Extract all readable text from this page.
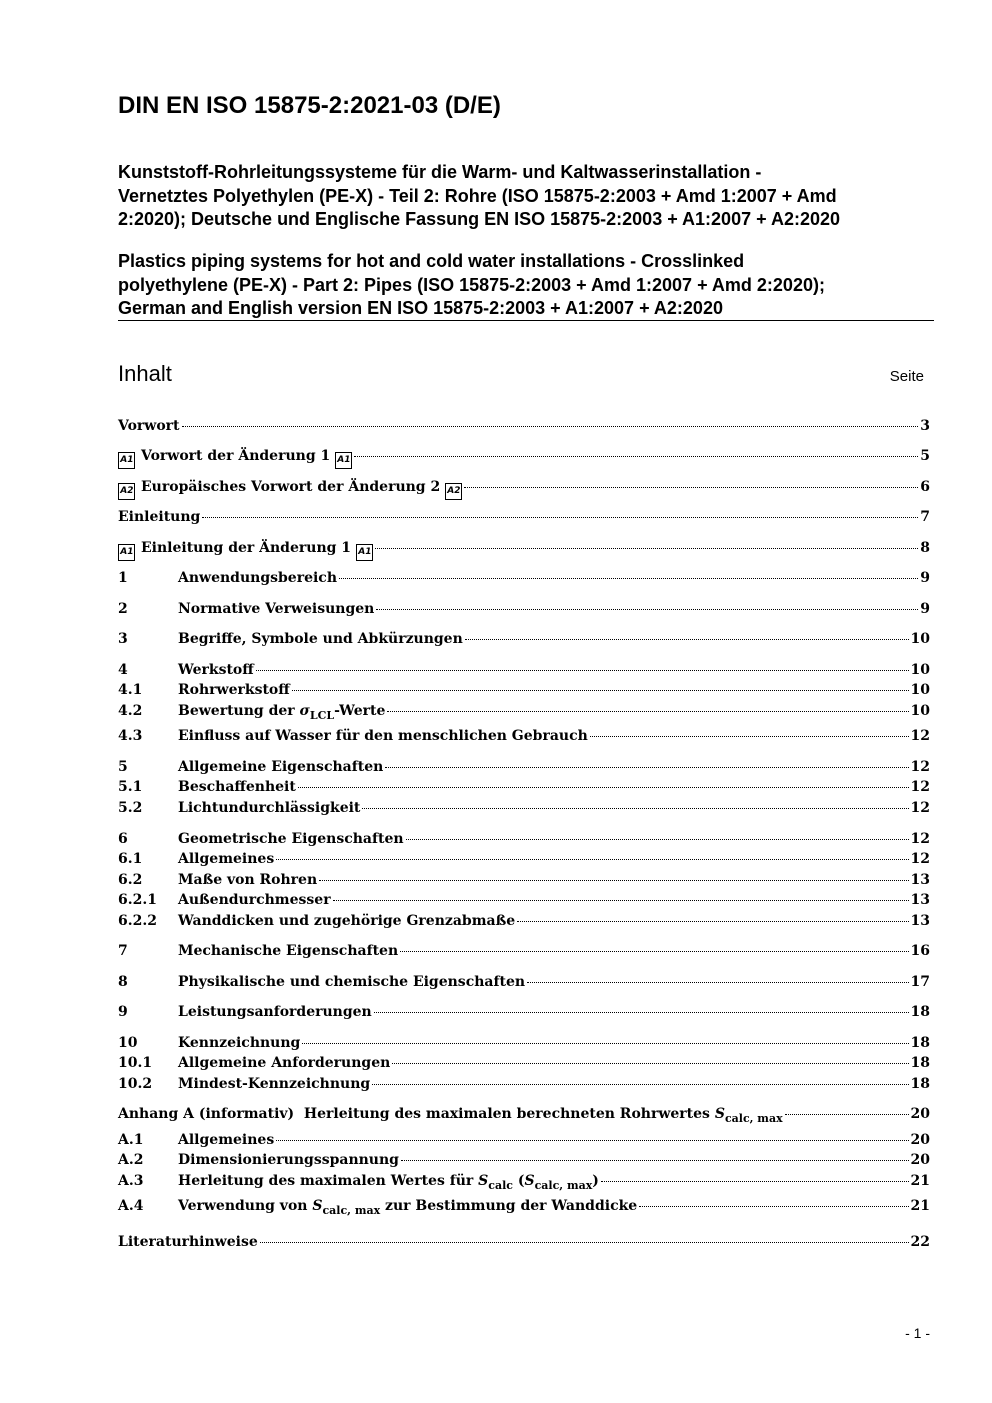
DIN EN ISO 15875-2:2021-03 (D/E)
Kunststoff-Rohrleitungssysteme für die Warm- und Kaltwasserinstallation -
Vernetztes Polyethylen (PE-X) - Teil 2: Rohre (ISO 15875-2:2003 + Amd 1:2007 + Amd
2:2020); Deutsche und Englische Fassung EN ISO 15875-2:2003 + A1:2007 + A2:2020
Plastics piping systems for hot and cold water installations - Crosslinked
polyethylene (PE-X) - Part 2: Pipes (ISO 15875-2:2003 + Amd 1:2007 + Amd 2:2020);
German and English version EN ISO 15875-2:2003 + A1:2007 + A2:2020
Inhalt	Seite
Vorwort	3
A1 Vorwort der Änderung 1 A1	5
A2 Europäisches Vorwort der Änderung 2 A2	6
Einleitung	7
A1 Einleitung der Änderung 1 A1	8
1	Anwendungsbereich	9
2	Normative Verweisungen	9
3	Begriffe, Symbole und Abkürzungen	10
4	Werkstoff	10
4.1	Rohrwerkstoff	10
4.2	Bewertung der $\sigma_{LCL}$-Werte	10
4.3	Einfluss auf Wasser für den menschlichen Gebrauch	12
5	Allgemeine Eigenschaften	12
5.1	Beschaffenheit	12
5.2	Lichtundurchlässigkeit	12
6	Geometrische Eigenschaften	12
6.1	Allgemeines	12
6.2	Maße von Rohren	13
6.2.1	Außendurchmesser	13
6.2.2	Wanddicken und zugehörige Grenzabmaße	13
7	Mechanische Eigenschaften	16
8	Physikalische und chemische Eigenschaften	17
9	Leistungsanforderungen	18
10	Kennzeichnung	18
10.1	Allgemeine Anforderungen	18
10.2	Mindest-Kennzeichnung	18
Anhang A (informativ)  Herleitung des maximalen berechneten Rohrwertes $S_{calc, max}$	20
A.1	Allgemeines	20
A.2	Dimensionierungsspannung	20
A.3	Herleitung des maximalen Wertes für $S_{calc}$ $(S_{calc, max})$	21
A.4	Verwendung von $S_{calc, max}$ zur Bestimmung der Wanddicke	21
Literaturhinweise	22
- 1 -
